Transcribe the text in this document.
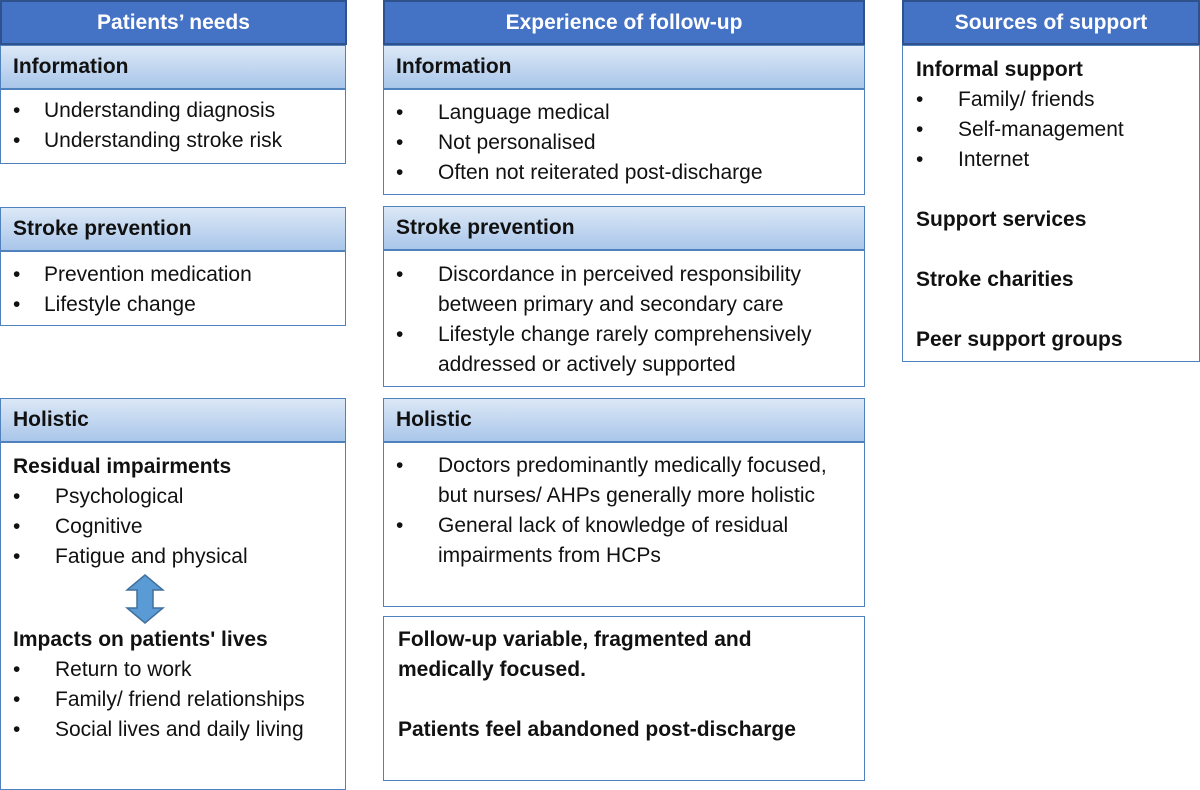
Patients’ needs	Experience of follow-up	Sources of support
Information
• Understanding diagnosis
• Understanding stroke risk
Stroke prevention
• Prevention medication
• Lifestyle change
Holistic
Residual impairments
• Psychological
• Cognitive
• Fatigue and physical
Impacts on patients' lives
• Return to work
• Family/ friend relationships
• Social lives and daily living
Information
• Language medical
• Not personalised
• Often not reiterated post-discharge
Stroke prevention
• Discordance in perceived responsibility between primary and secondary care
• Lifestyle change rarely comprehensively addressed or actively supported
Holistic
• Doctors predominantly medically focused, but nurses/ AHPs generally more holistic
• General lack of knowledge of residual impairments from HCPs
Follow-up variable, fragmented and medically focused.
Patients feel abandoned post-discharge
Informal support
• Family/ friends
• Self-management
• Internet
Support services
Stroke charities
Peer support groups
